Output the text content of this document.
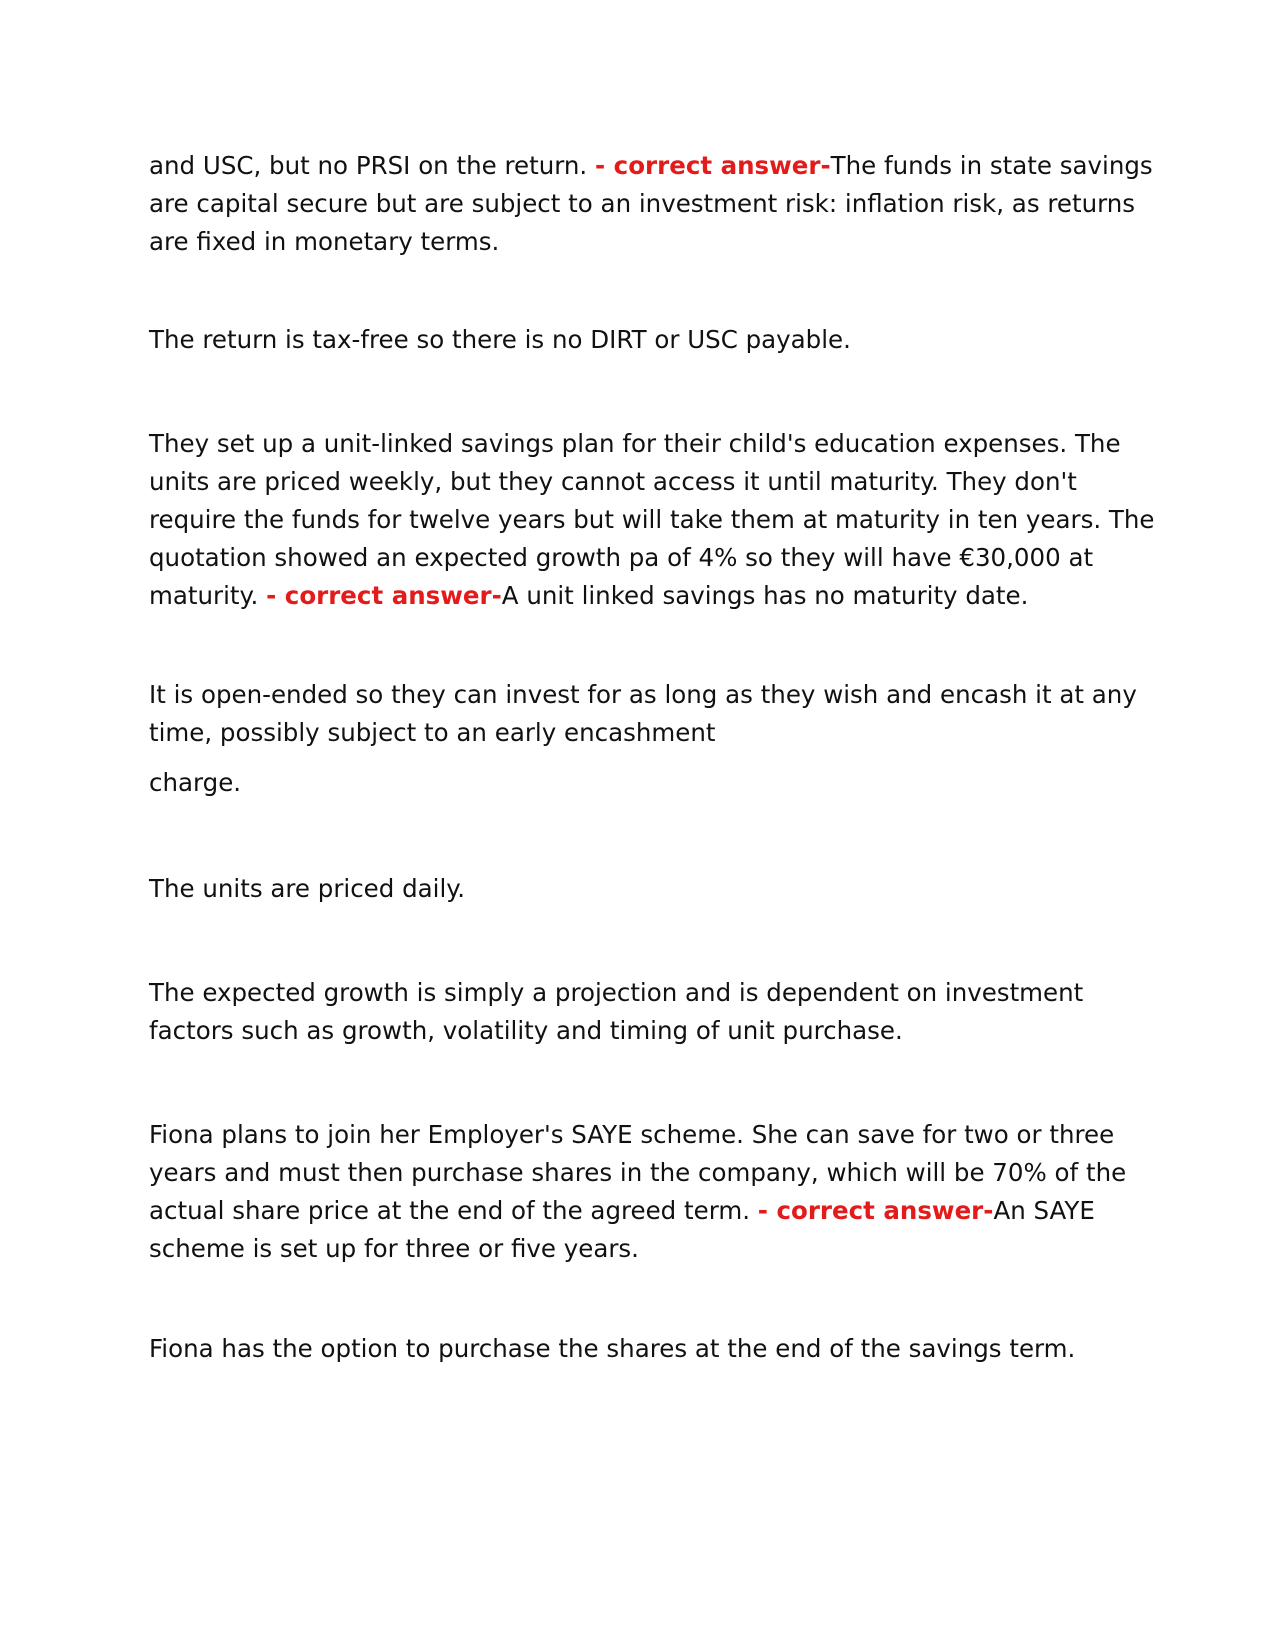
and USC, but no PRSI on the return. - correct answer-The funds in state savings
are capital secure but are subject to an investment risk: inflation risk, as returns
are fixed in monetary terms.

The return is tax-free so there is no DIRT or USC payable.

They set up a unit-linked savings plan for their child's education expenses. The
units are priced weekly, but they cannot access it until maturity. They don't
require the funds for twelve years but will take them at maturity in ten years. The
quotation showed an expected growth pa of 4% so they will have €30,000 at
maturity. - correct answer-A unit linked savings has no maturity date.

It is open-ended so they can invest for as long as they wish and encash it at any
time, possibly subject to an early encashment

charge.

The units are priced daily.

The expected growth is simply a projection and is dependent on investment
factors such as growth, volatility and timing of unit purchase.

Fiona plans to join her Employer's SAYE scheme. She can save for two or three
years and must then purchase shares in the company, which will be 70% of the
actual share price at the end of the agreed term. - correct answer-An SAYE
scheme is set up for three or five years.

Fiona has the option to purchase the shares at the end of the savings term.
